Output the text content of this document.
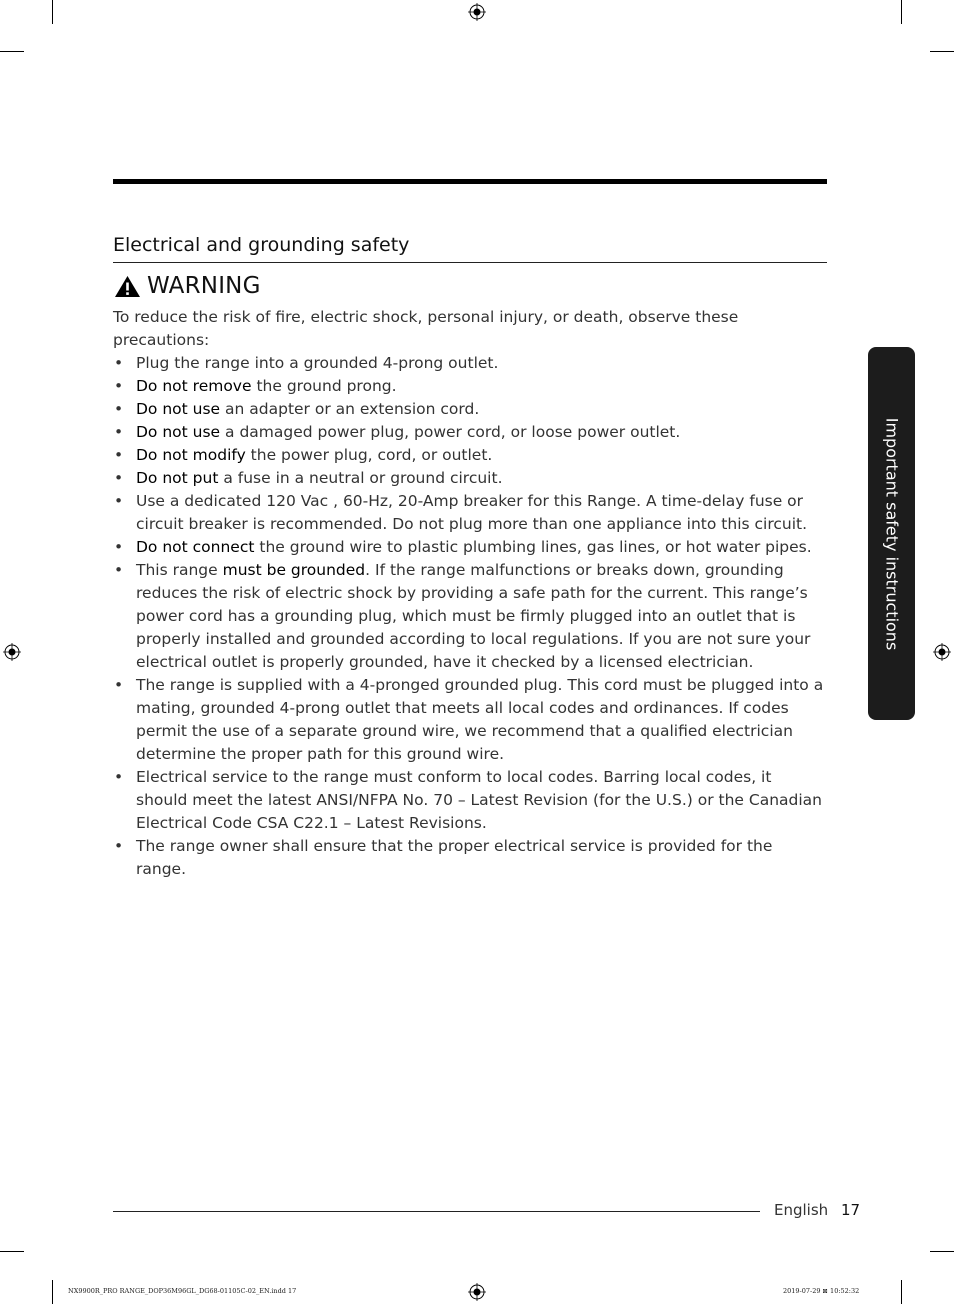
Electrical and grounding safety
WARNING

To reduce the risk of fire, electric shock, personal injury, or death, observe these precautions:

• Plug the range into a grounded 4-prong outlet.
• Do not remove the ground prong.
• Do not use an adapter or an extension cord.
• Do not use a damaged power plug, power cord, or loose power outlet.
• Do not modify the power plug, cord, or outlet.
• Do not put a fuse in a neutral or ground circuit.
• Use a dedicated 120 Vac , 60-Hz, 20-Amp breaker for this Range. A time-delay fuse or circuit breaker is recommended. Do not plug more than one appliance into this circuit.
• Do not connect the ground wire to plastic plumbing lines, gas lines, or hot water pipes.
• This range must be grounded. If the range malfunctions or breaks down, grounding reduces the risk of electric shock by providing a safe path for the current. This range’s power cord has a grounding plug, which must be firmly plugged into an outlet that is properly installed and grounded according to local regulations. If you are not sure your electrical outlet is properly grounded, have it checked by a licensed electrician.
• The range is supplied with a 4-pronged grounded plug. This cord must be plugged into a mating, grounded 4-prong outlet that meets all local codes and ordinances. If codes permit the use of a separate ground wire, we recommend that a qualified electrician determine the proper path for this ground wire.
• Electrical service to the range must conform to local codes. Barring local codes, it should meet the latest ANSI/NFPA No. 70 – Latest Revision (for the U.S.) or the Canadian Electrical Code CSA C22.1 – Latest Revisions.
• The range owner shall ensure that the proper electrical service is provided for the range.
Important safety instructions
English 17
NX9900R_PRO RANGE_DOP36M96GL_DG68-01105C-02_EN.indd 17	2019-07-29 ⊠ 10:52:32
